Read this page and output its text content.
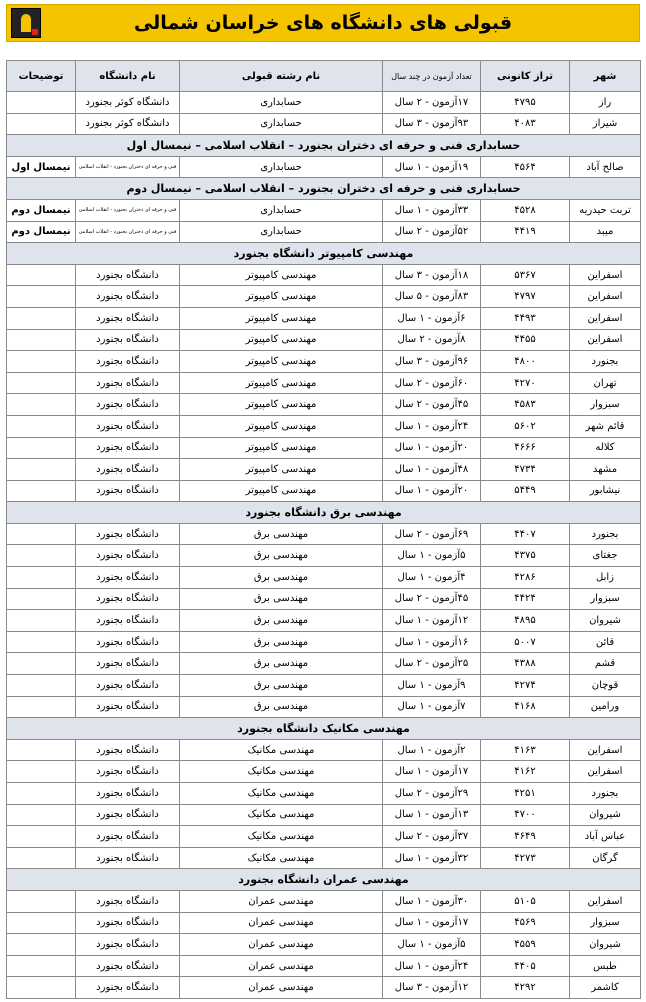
قبولی های دانشگاه های خراسان شمالی
شهر	تراز کانونی	تعداد آزمون در چند سال	نام رشته قبولی	نام دانشگاه	توضیحات
راز	۴۷۹۵	۱۷آزمون - ۲ سال	حسابداری	دانشگاه کوثر بجنورد	
شیراز	۴۰۸۳	۹۳آزمون - ۳ سال	حسابداری	دانشگاه کوثر بجنورد	
حسابداری فنی و حرفه ای دختران بجنورد – انقلاب اسلامی – نیمسال اول					
صالح آباد	۴۵۶۴	۱۹آزمون - ۱ سال	حسابداری	فنی و حرفه ای دختران بجنورد - انقلاب اسلامی	نیمسال اول
حسابداری فنی و حرفه ای دختران بجنورد – انقلاب اسلامی – نیمسال دوم					
تربت حیدریه	۴۵۲۸	۳۳آزمون - ۱ سال	حسابداری	فنی و حرفه ای دختران بجنورد - انقلاب اسلامی	نیمسال دوم
میبد	۴۴۱۹	۵۲آزمون - ۲ سال	حسابداری	فنی و حرفه ای دختران بجنورد - انقلاب اسلامی	نیمسال دوم
مهندسی کامپیوتر دانشگاه بجنورد					
اسفراین	۵۳۶۷	۱۸آزمون - ۳ سال	مهندسی کامپیوتر	دانشگاه بجنورد	
اسفراین	۴۷۹۷	۸۳آزمون - ۵ سال	مهندسی کامپیوتر	دانشگاه بجنورد	
اسفراین	۴۴۹۳	۶آزمون - ۱ سال	مهندسی کامپیوتر	دانشگاه بجنورد	
اسفراین	۴۴۵۵	۸آزمون - ۲ سال	مهندسی کامپیوتر	دانشگاه بجنورد	
بجنورد	۴۸۰۰	۹۶آزمون - ۳ سال	مهندسی کامپیوتر	دانشگاه بجنورد	
تهران	۴۲۷۰	۶۰آزمون - ۲ سال	مهندسی کامپیوتر	دانشگاه بجنورد	
سبزوار	۴۵۸۳	۴۵آزمون - ۲ سال	مهندسی کامپیوتر	دانشگاه بجنورد	
قائم شهر	۵۶۰۲	۲۴آزمون - ۱ سال	مهندسی کامپیوتر	دانشگاه بجنورد	
کلاله	۴۶۶۶	۲۰آزمون - ۱ سال	مهندسی کامپیوتر	دانشگاه بجنورد	
مشهد	۴۷۳۴	۴۸آزمون - ۱ سال	مهندسی کامپیوتر	دانشگاه بجنورد	
نیشابور	۵۴۴۹	۲۰آزمون - ۱ سال	مهندسی کامپیوتر	دانشگاه بجنورد	
مهندسی برق دانشگاه بجنورد					
بجنورد	۴۴۰۷	۶۹آزمون - ۲ سال	مهندسی برق	دانشگاه بجنورد	
جغتای	۴۳۷۵	۵آزمون - ۱ سال	مهندسی برق	دانشگاه بجنورد	
زابل	۴۲۸۶	۴آزمون - ۱ سال	مهندسی برق	دانشگاه بجنورد	
سبزوار	۴۴۲۴	۴۵آزمون - ۲ سال	مهندسی برق	دانشگاه بجنورد	
شیروان	۴۸۹۵	۱۲آزمون - ۱ سال	مهندسی برق	دانشگاه بجنورد	
قائن	۵۰۰۷	۱۶آزمون - ۱ سال	مهندسی برق	دانشگاه بجنورد	
قشم	۴۳۸۸	۲۵آزمون - ۲ سال	مهندسی برق	دانشگاه بجنورد	
قوچان	۴۲۷۴	۹آزمون - ۱ سال	مهندسی برق	دانشگاه بجنورد	
ورامین	۴۱۶۸	۷آزمون - ۱ سال	مهندسی برق	دانشگاه بجنورد	
مهندسی مکانیک دانشگاه بجنورد					
اسفراین	۴۱۶۳	۲آزمون - ۱ سال	مهندسی مکانیک	دانشگاه بجنورد	
اسفراین	۴۱۶۲	۱۷آزمون - ۱ سال	مهندسی مکانیک	دانشگاه بجنورد	
بجنورد	۴۲۵۱	۲۹آزمون - ۲ سال	مهندسی مکانیک	دانشگاه بجنورد	
شیروان	۴۷۰۰	۱۳آزمون - ۱ سال	مهندسی مکانیک	دانشگاه بجنورد	
عباس آباد	۴۶۴۹	۳۷آزمون - ۲ سال	مهندسی مکانیک	دانشگاه بجنورد	
گرگان	۴۲۷۳	۳۲آزمون - ۱ سال	مهندسی مکانیک	دانشگاه بجنورد	
مهندسی عمران دانشگاه بجنورد					
اسفراین	۵۱۰۵	۳۰آزمون - ۱ سال	مهندسی عمران	دانشگاه بجنورد	
سبزوار	۴۵۶۹	۱۷آزمون - ۱ سال	مهندسی عمران	دانشگاه بجنورد	
شیروان	۴۵۵۹	۵آزمون - ۱ سال	مهندسی عمران	دانشگاه بجنورد	
طبس	۴۴۰۵	۲۴آزمون - ۱ سال	مهندسی عمران	دانشگاه بجنورد	
کاشمر	۴۲۹۲	۱۲آزمون - ۳ سال	مهندسی عمران	دانشگاه بجنورد	
